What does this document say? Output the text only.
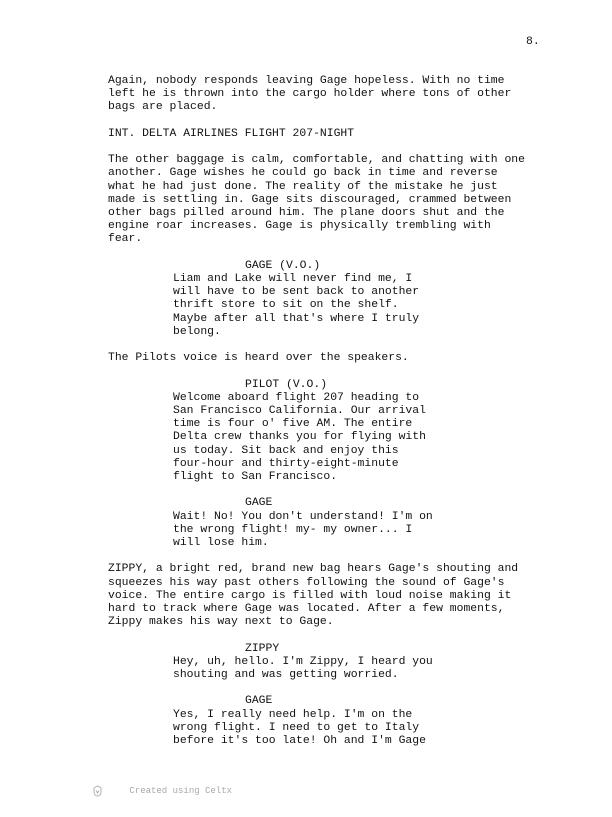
8.
Again, nobody responds leaving Gage hopeless. With no time
left he is thrown into the cargo holder where tons of other
bags are placed.
INT. DELTA AIRLINES FLIGHT 207-NIGHT
The other baggage is calm, comfortable, and chatting with one
another. Gage wishes he could go back in time and reverse
what he had just done. The reality of the mistake he just
made is settling in. Gage sits discouraged, crammed between
other bags pilled around him. The plane doors shut and the
engine roar increases. Gage is physically trembling with
fear.
GAGE (V.O.)
Liam and Lake will never find me, I
will have to be sent back to another
thrift store to sit on the shelf.
Maybe after all that's where I truly
belong.
The Pilots voice is heard over the speakers.
PILOT (V.O.)
Welcome aboard flight 207 heading to
San Francisco California. Our arrival
time is four o' five AM. The entire
Delta crew thanks you for flying with
us today. Sit back and enjoy this
four-hour and thirty-eight-minute
flight to San Francisco.
GAGE
Wait! No! You don't understand! I'm on
the wrong flight! my- my owner... I
will lose him.
ZIPPY, a bright red, brand new bag hears Gage's shouting and
squeezes his way past others following the sound of Gage's
voice. The entire cargo is filled with loud noise making it
hard to track where Gage was located. After a few moments,
Zippy makes his way next to Gage.
ZIPPY
Hey, uh, hello. I'm Zippy, I heard you
shouting and was getting worried.
GAGE
Yes, I really need help. I'm on the
wrong flight. I need to get to Italy
before it's too late! Oh and I'm Gage

Created using Celtx
